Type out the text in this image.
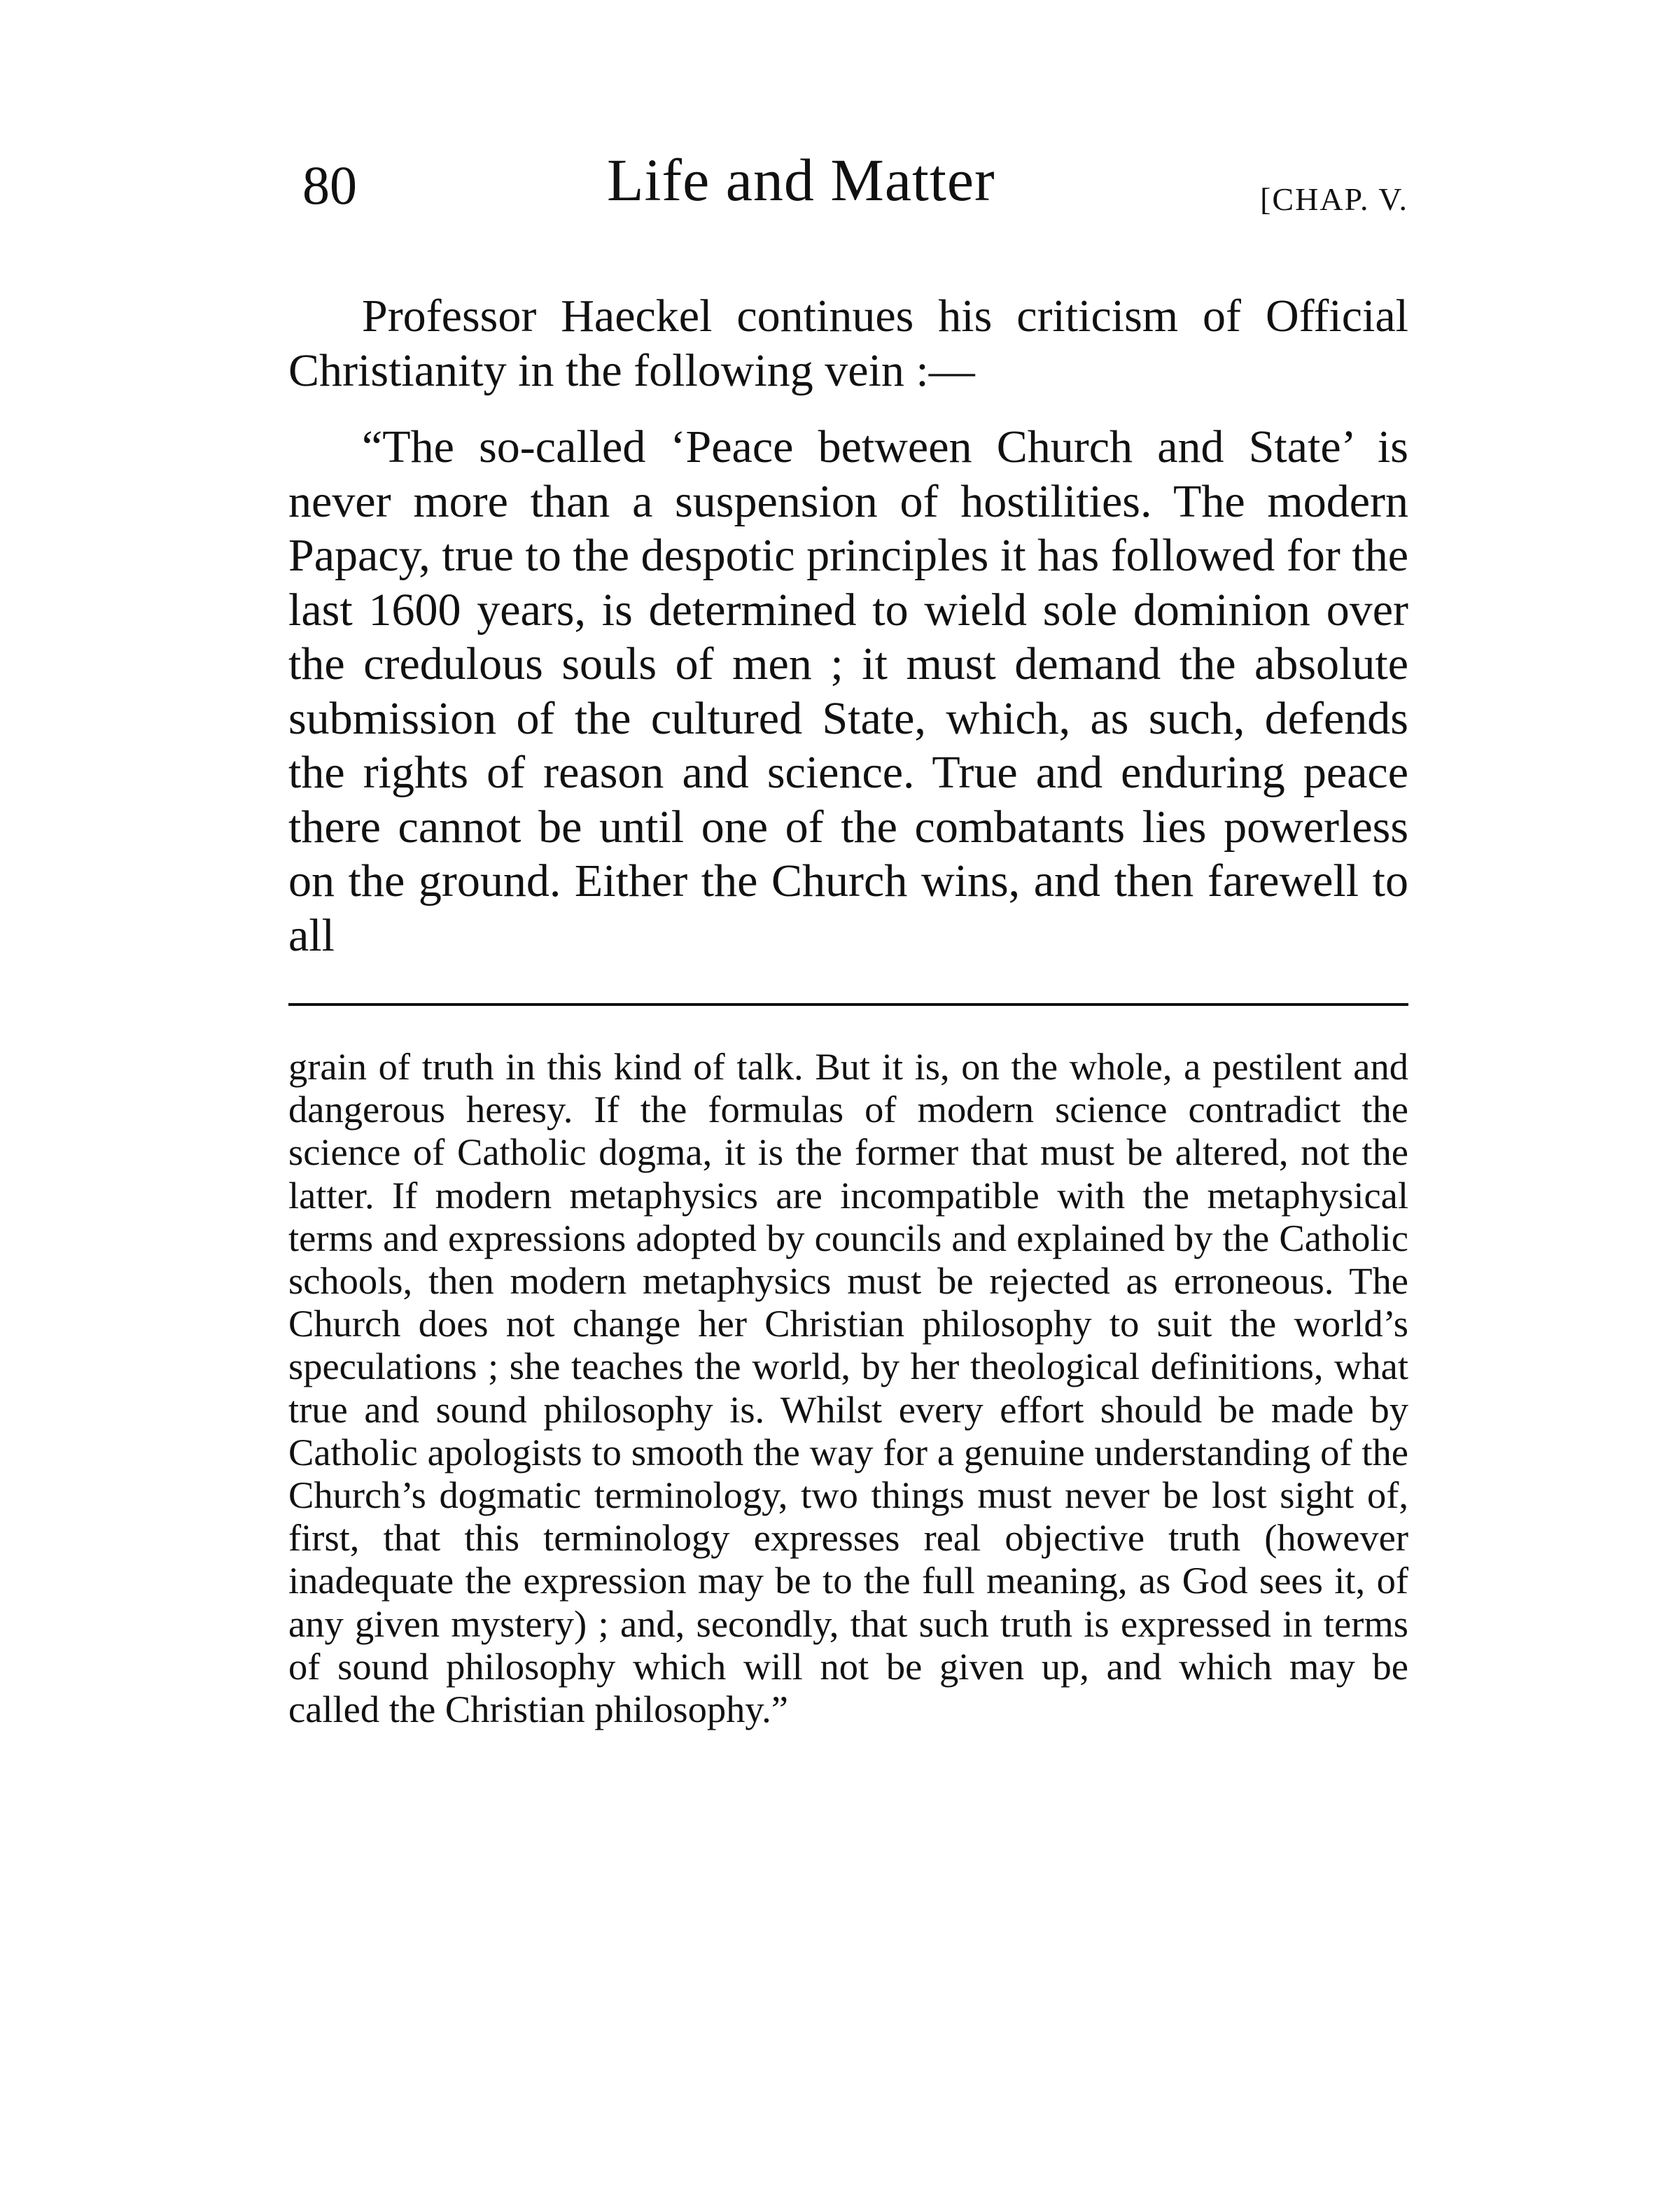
80	Life and Matter	[CHAP. V.

Professor Haeckel continues his criticism of Official Christianity in the following vein :—

“The so-called ‘Peace between Church and State’ is never more than a suspension of hostilities. The modern Papacy, true to the despotic principles it has followed for the last 1600 years, is determined to wield sole dominion over the credulous souls of men ; it must demand the absolute submission of the cultured State, which, as such, defends the rights of reason and science. True and enduring peace there cannot be until one of the combatants lies powerless on the ground. Either the Church wins, and then farewell to all

grain of truth in this kind of talk. But it is, on the whole, a pestilent and dangerous heresy. If the formulas of modern science contradict the science of Catholic dogma, it is the former that must be altered, not the latter. If modern metaphysics are incompatible with the metaphysical terms and expressions adopted by councils and explained by the Catholic schools, then modern metaphysics must be rejected as erroneous. The Church does not change her Christian philosophy to suit the world’s speculations ; she teaches the world, by her theological definitions, what true and sound philosophy is. Whilst every effort should be made by Catholic apologists to smooth the way for a genuine understanding of the Church’s dogmatic terminology, two things must never be lost sight of, first, that this terminology expresses real objective truth (however inadequate the expression may be to the full meaning, as God sees it, of any given mystery) ; and, secondly, that such truth is expressed in terms of sound philosophy which will not be given up, and which may be called the Christian philosophy.”
